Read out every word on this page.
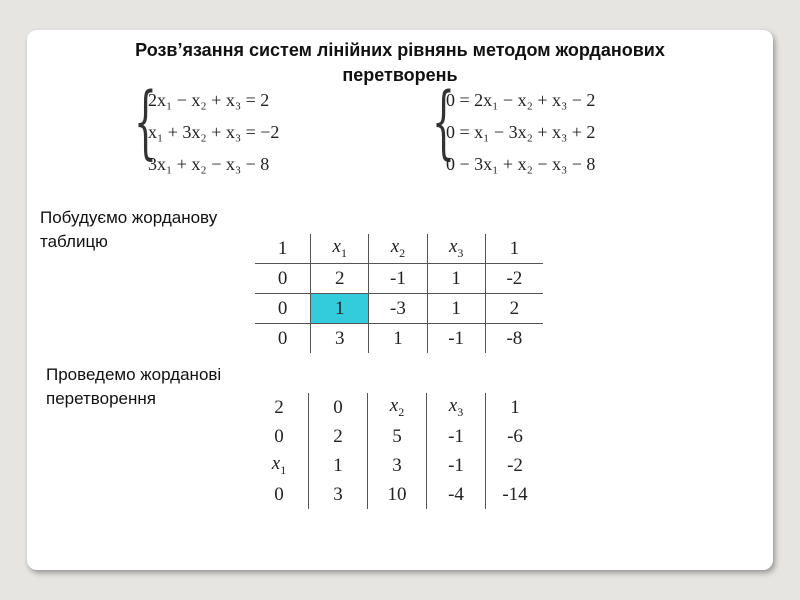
Розв’язання систем лінійних рівнянь методом жорданових
перетворень
{
2x₁ − x₂ + x₃ = 2
x₁ + 3x₂ + x₃ = −2
3x₁ + x₂ − x₃ − 8 {
0 = 2x₁ − x₂ + x₃ − 2
0 = x₁ − 3x₂ + x₃ + 2
0 − 3x₁ + x₂ − x₃ − 8
Побудуємо жорданову
таблицю	1	$x_1$	$x_2$	$x_3$	1
0	2	-1	1	-2
0	1	-3	1	2
0	3	1	-1	-8
Проведемо жорданові
перетворення	2	0	$x_2$	$x_3$	1
0	2	5	-1	-6
$x_1$	1	3	-1	-2
0	3	10	-4	-14
